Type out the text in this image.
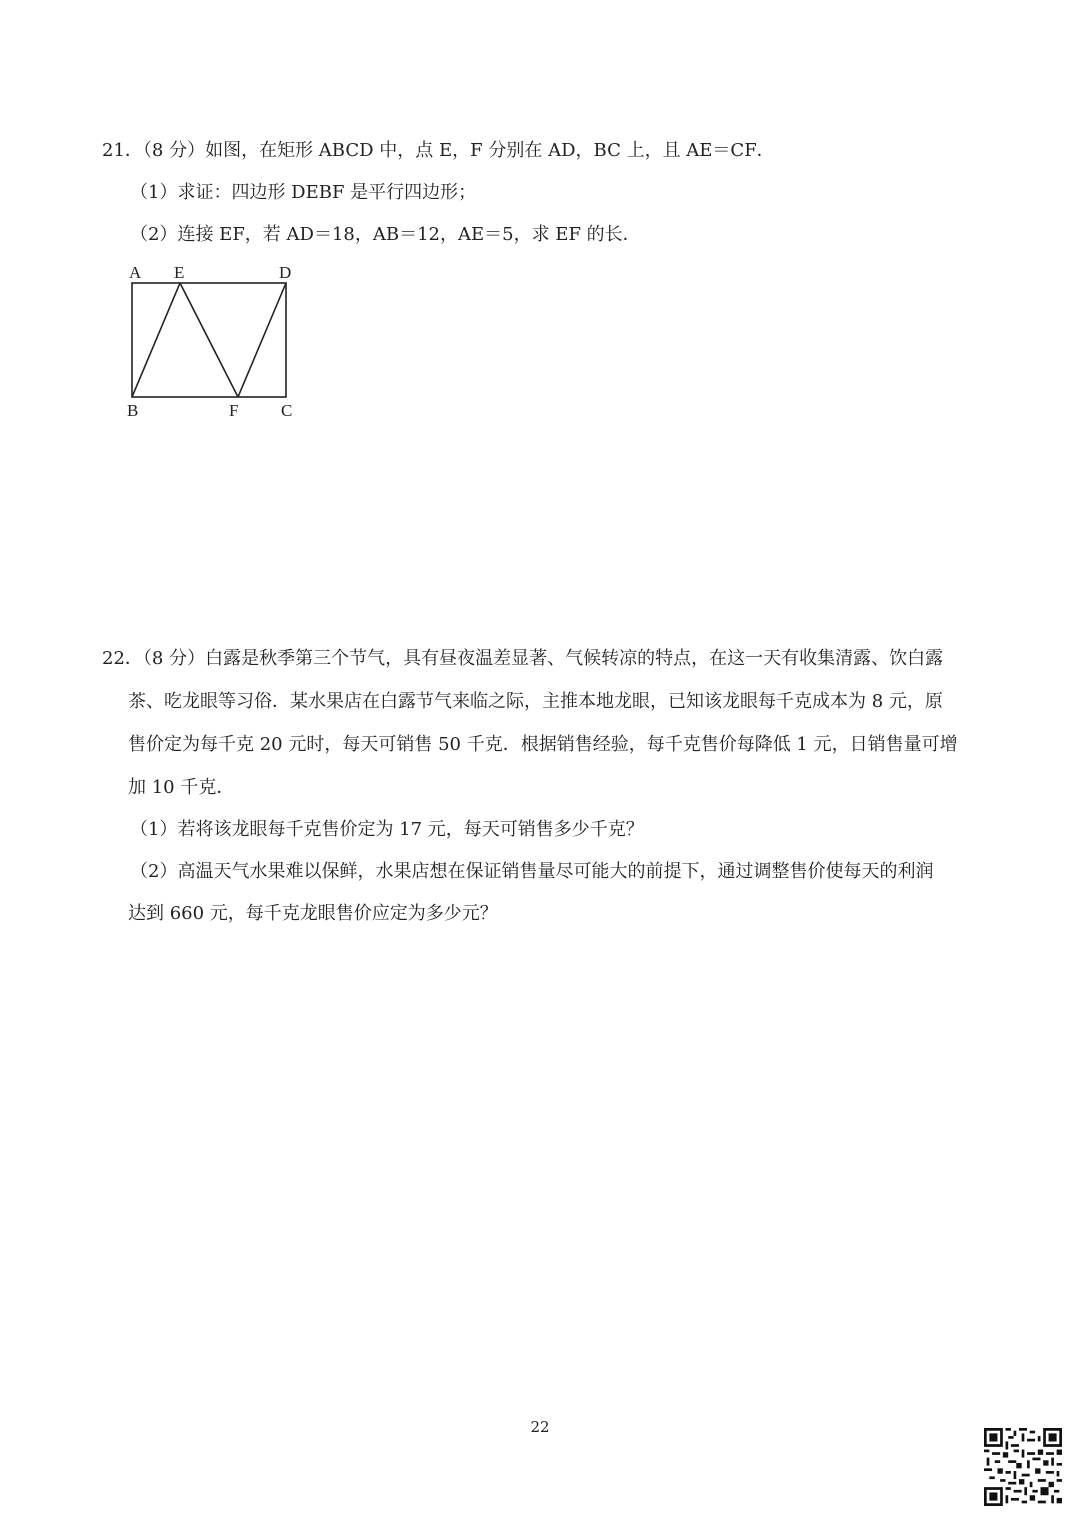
21．（8 分）如图，在矩形 ABCD 中，点 E，F 分别在 AD，BC 上，且 AE＝CF．
（1）求证：四边形 DEBF 是平行四边形；
（2）连接 EF，若 AD＝18，AB＝12，AE＝5，求 EF 的长．
A E	D
B	F	C
22．（8 分）白露是秋季第三个节气，具有昼夜温差显著、气候转凉的特点，在这一天有收集清露、饮白露
茶、吃龙眼等习俗．某水果店在白露节气来临之际，主推本地龙眼，已知该龙眼每千克成本为 8 元，原
售价定为每千克 20 元时，每天可销售 50 千克．根据销售经验，每千克售价每降低 1 元，日销售量可增
加 10 千克．
（1）若将该龙眼每千克售价定为 17 元，每天可销售多少千克？
（2）高温天气水果难以保鲜，水果店想在保证销售量尽可能大的前提下，通过调整售价使每天的利润
达到 660 元，每千克龙眼售价应定为多少元？
22
